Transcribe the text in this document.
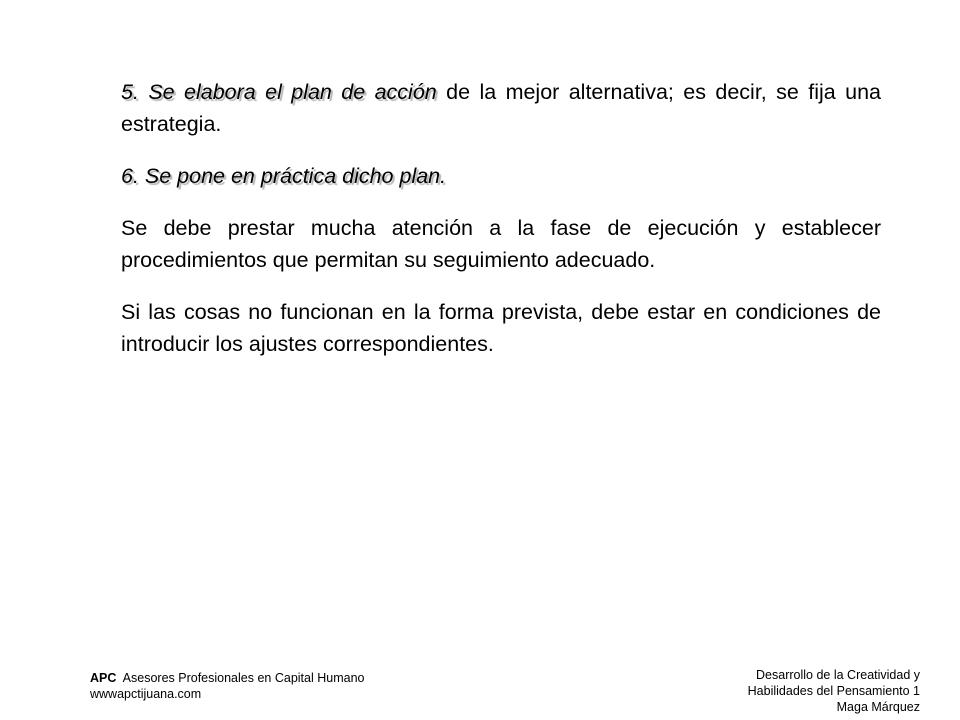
5. Se elabora el plan de acción de la mejor alternativa; es decir, se fija una estrategia.

6. Se pone en práctica dicho plan.

Se debe prestar mucha atención a la fase de ejecución y establecer procedimientos que permitan su seguimiento adecuado.

Si las cosas no funcionan en la forma prevista, debe estar en condiciones de introducir los ajustes correspondientes.

APC Asesores Profesionales en Capital Humano
wwwapctijuana.com
Desarrollo de la Creatividad y
Habilidades del Pensamiento 1
Maga Márquez
